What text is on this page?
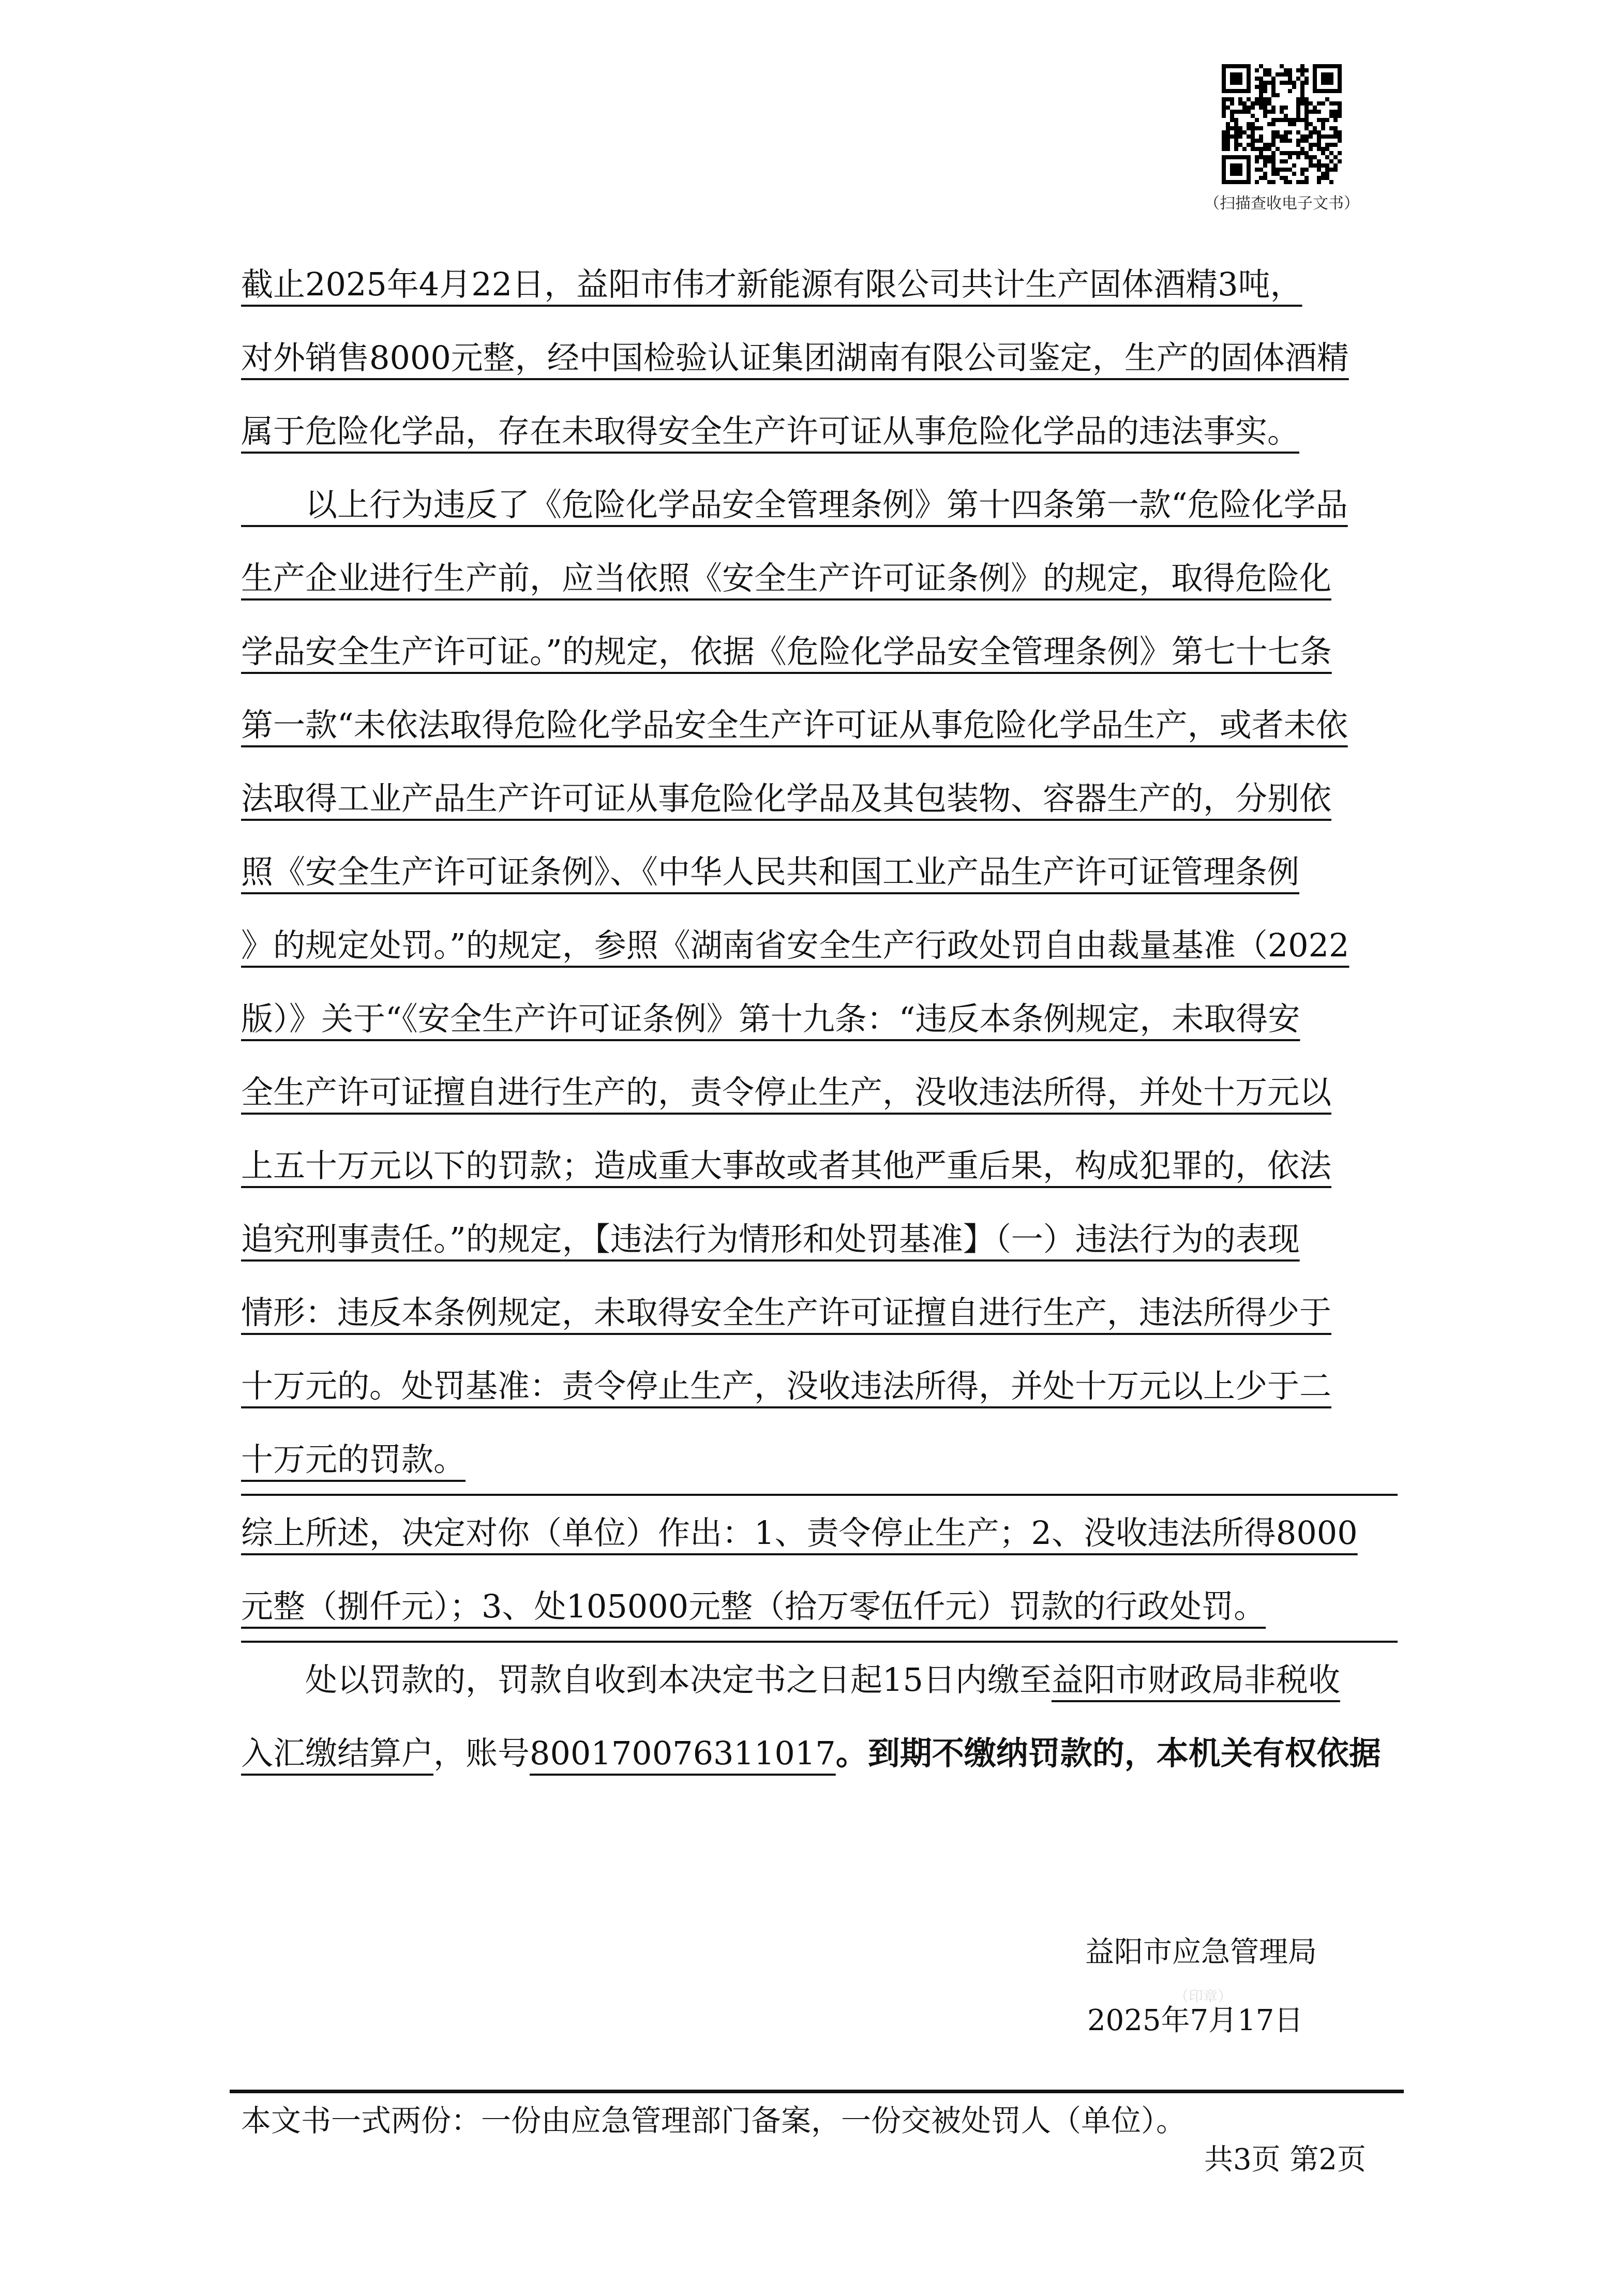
（扫描查收电子文书）
截止2025年4月22日，益阳市伟才新能源有限公司共计生产固体酒精3吨，
对外销售8000元整，经中国检验认证集团湖南有限公司鉴定，生产的固体酒精
属于危险化学品，存在未取得安全生产许可证从事危险化学品的违法事实。
　　以上行为违反了《危险化学品安全管理条例》第十四条第一款“危险化学品
生产企业进行生产前，应当依照《安全生产许可证条例》的规定，取得危险化
学品安全生产许可证。”的规定，依据《危险化学品安全管理条例》第七十七条
第一款“未依法取得危险化学品安全生产许可证从事危险化学品生产，或者未依
法取得工业产品生产许可证从事危险化学品及其包装物、容器生产的，分别依
照《安全生产许可证条例》、《中华人民共和国工业产品生产许可证管理条例
》的规定处罚。”的规定，参照《湖南省安全生产行政处罚自由裁量基准（2022
版）》关于“《安全生产许可证条例》第十九条：“违反本条例规定，未取得安
全生产许可证擅自进行生产的，责令停止生产，没收违法所得，并处十万元以
上五十万元以下的罚款；造成重大事故或者其他严重后果，构成犯罪的，依法
追究刑事责任。”的规定，【违法行为情形和处罚基准】（一）违法行为的表现
情形：违反本条例规定，未取得安全生产许可证擅自进行生产，违法所得少于
十万元的。处罚基准：责令停止生产，没收违法所得，并处十万元以上少于二
十万元的罚款。
综上所述，决定对你（单位）作出：1、责令停止生产；2、没收违法所得8000
元整（捌仟元）；3、处105000元整（拾万零伍仟元）罚款的行政处罚。
　　处以罚款的，罚款自收到本决定书之日起15日内缴至益阳市财政局非税收
入汇缴结算户，账号800170076311017。到期不缴纳罚款的，本机关有权依据
益阳市应急管理局
（印章）
2025年7月17日
本文书一式两份：一份由应急管理部门备案，一份交被处罚人（单位）。
共3页 第2页
